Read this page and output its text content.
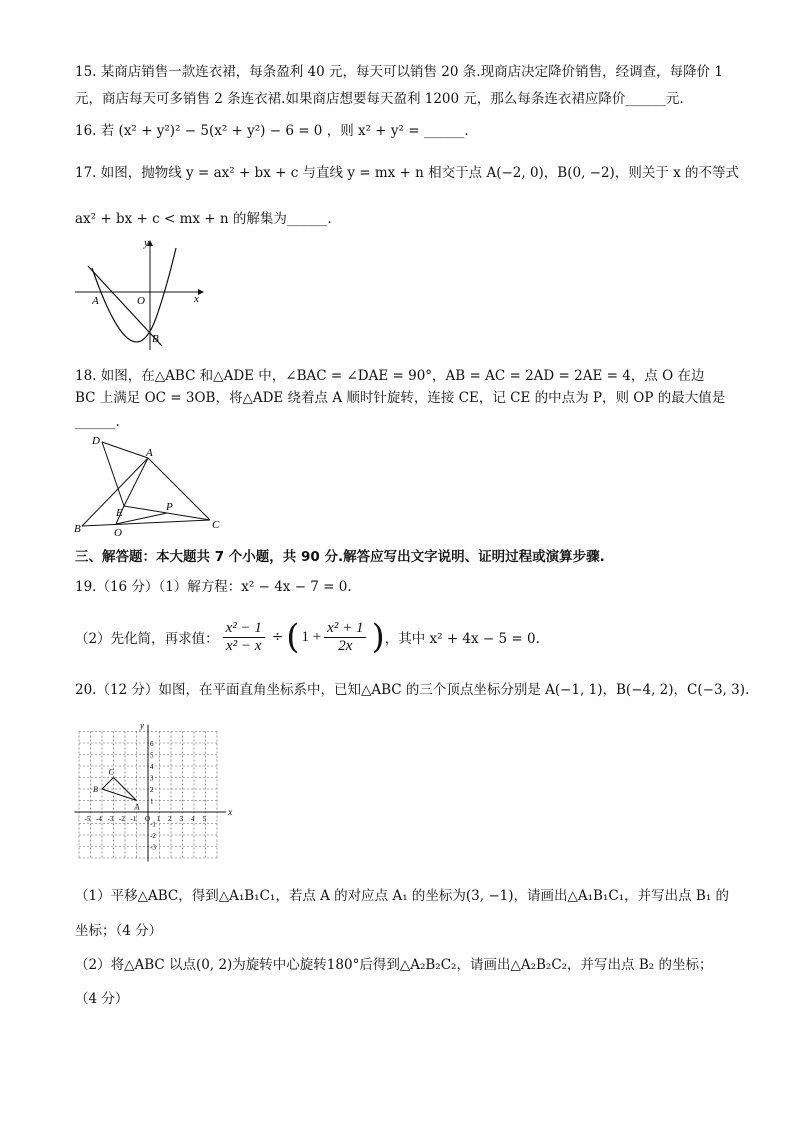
15. 某商店销售一款连衣裙，每条盈利 40 元，每天可以销售 20 条.现商店决定降价销售，经调查，每降价 1
元，商店每天可多销售 2 条连衣裙.如果商店想要每天盈利 1200 元，那么每条连衣裙应降价______元.
16. 若 (x² + y²)² − 5(x² + y²) − 6 = 0 ，则 x² + y² = ______.
17. 如图，抛物线 y = ax² + bx + c 与直线 y = mx + n 相交于点 A(−2, 0)，B(0, −2)，则关于 x 的不等式
ax² + bx + c < mx + n 的解集为______.
y
x
A	O
B
18. 如图，在△ABC 和△ADE 中，∠BAC = ∠DAE = 90°，AB = AC = 2AD = 2AE = 4，点 O 在边
BC 上满足 OC = 3OB，将△ADE 绕着点 A 顺时针旋转，连接 CE，记 CE 的中点为 P，则 OP 的最大值是
______.
D
A
E	P
B	O
C
三、解答题：本大题共 7 个小题，共 90 分.解答应写出文字说明、证明过程或演算步骤.
19.（16 分）（1）解方程：x² − 4x − 7 = 0.
（2）先化简，再求值：
x² − 1
x² − x
÷ ( 1 +
x² + 1
2x ) ，其中 x² + 4x − 5 = 0.
20.（12 分）如图，在平面直角坐标系中，已知△ABC 的三个顶点坐标分别是 A(−1, 1)，B(−4, 2)，C(−3, 3).
-5 -4 -3 -2 -1 O 1 2 3 4 5
6
5
4
3
2
1
-1
-2
-3
x
y
A
B
C
（1）平移△ABC，得到△A₁B₁C₁，若点 A 的对应点 A₁ 的坐标为(3, −1)，请画出△A₁B₁C₁，并写出点 B₁ 的
坐标；（4 分）
（2）将△ABC 以点(0, 2)为旋转中心旋转180°后得到△A₂B₂C₂，请画出△A₂B₂C₂，并写出点 B₂ 的坐标；
（4 分）
